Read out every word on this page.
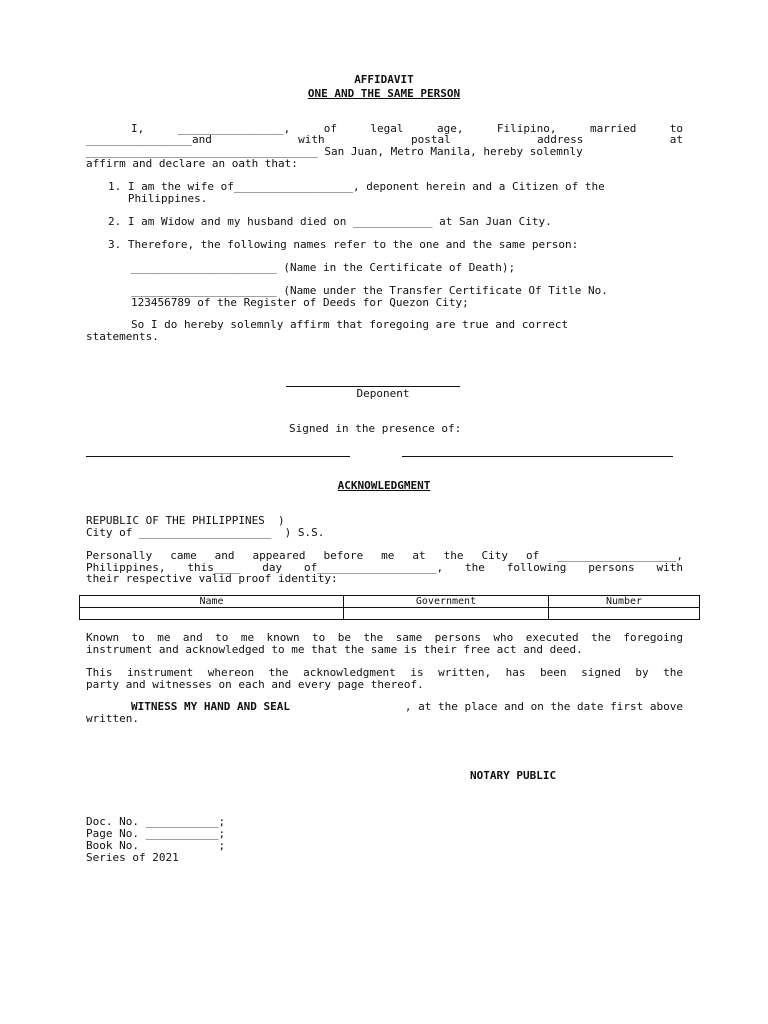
AFFIDAVIT
ONE AND THE SAME PERSON
I,	________________,	of	legal	age,	Filipino,	married	to
________________and	with	postal	address	at
___________________________________ San Juan, Metro Manila, hereby solemnly
affirm and declare an oath that:
1. I am the wife of__________________, deponent herein and a Citizen of the
Philippines.
2. I am Widow and my husband died on ____________ at San Juan City.
3. Therefore, the following names refer to the one and the same person:
______________________ (Name in the Certificate of Death);
______________________ (Name under the Transfer Certificate Of Title No.
123456789 of the Register of Deeds for Quezon City;
So I do hereby solemnly affirm that foregoing are true and correct
statements.
Deponent
Signed in the presence of:
ACKNOWLEDGMENT
REPUBLIC OF THE PHILIPPINES  )
City of ____________________  ) S.S.
Personally came and appeared before me at the City of __________________,
Philippines, this____ day of__________________, the following persons with
their respective valid proof identity:
Name	Government	Number

Known to me and to me known to be the same persons who executed the foregoing
instrument and acknowledged to me that the same is their free act and deed.
This instrument whereon the acknowledgment is written, has been signed by the
party and witnesses on each and every page thereof.
WITNESS MY HAND AND SEAL	, at the place and on the date first above
written.
NOTARY PUBLIC
Doc. No. ___________;
Page No. ___________;
Book No.            ;
Series of 2021
